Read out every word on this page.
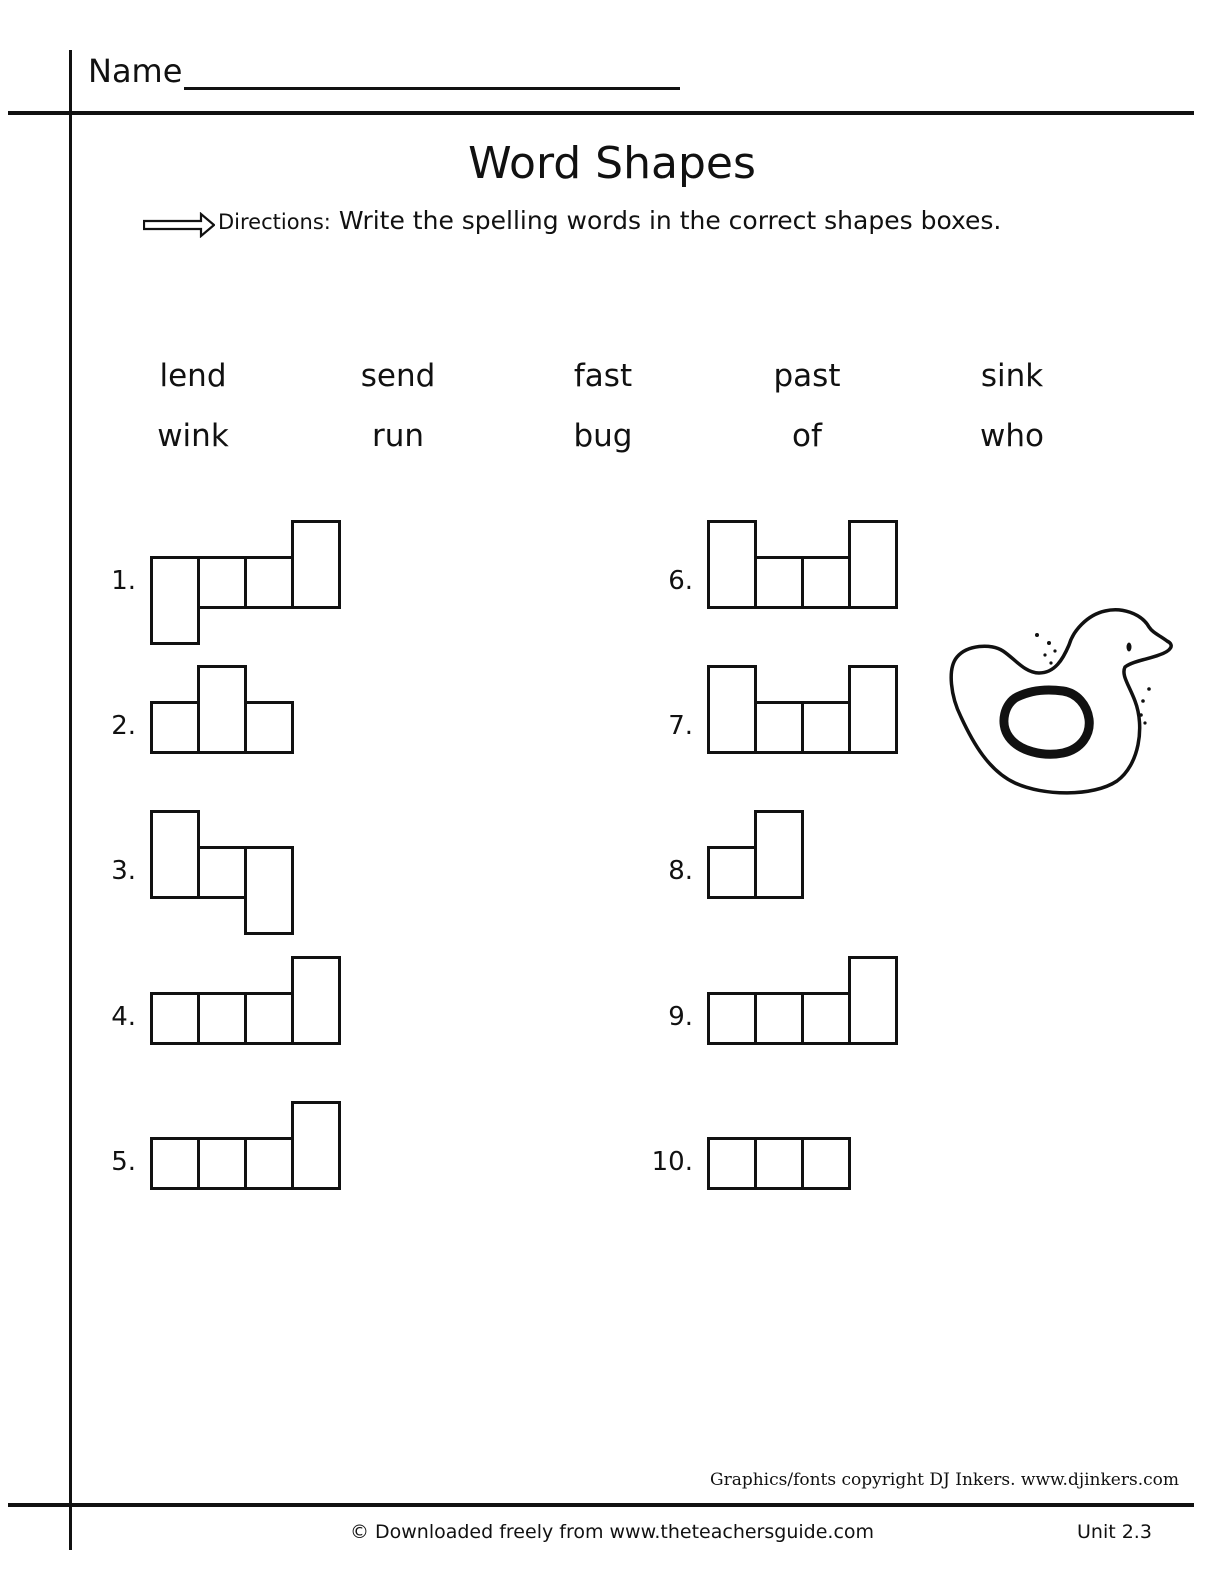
Name
Word Shapes
Directions: Write the spelling words in the correct shapes boxes.
lend	send	fast	past	sink
wink	run	bug	of	who
1.
2.
3.
4.
5.
6.
7.
8.
9.
10.
Graphics/fonts copyright DJ Inkers. www.djinkers.com
© Downloaded freely from www.theteachersguide.com	Unit 2.3
